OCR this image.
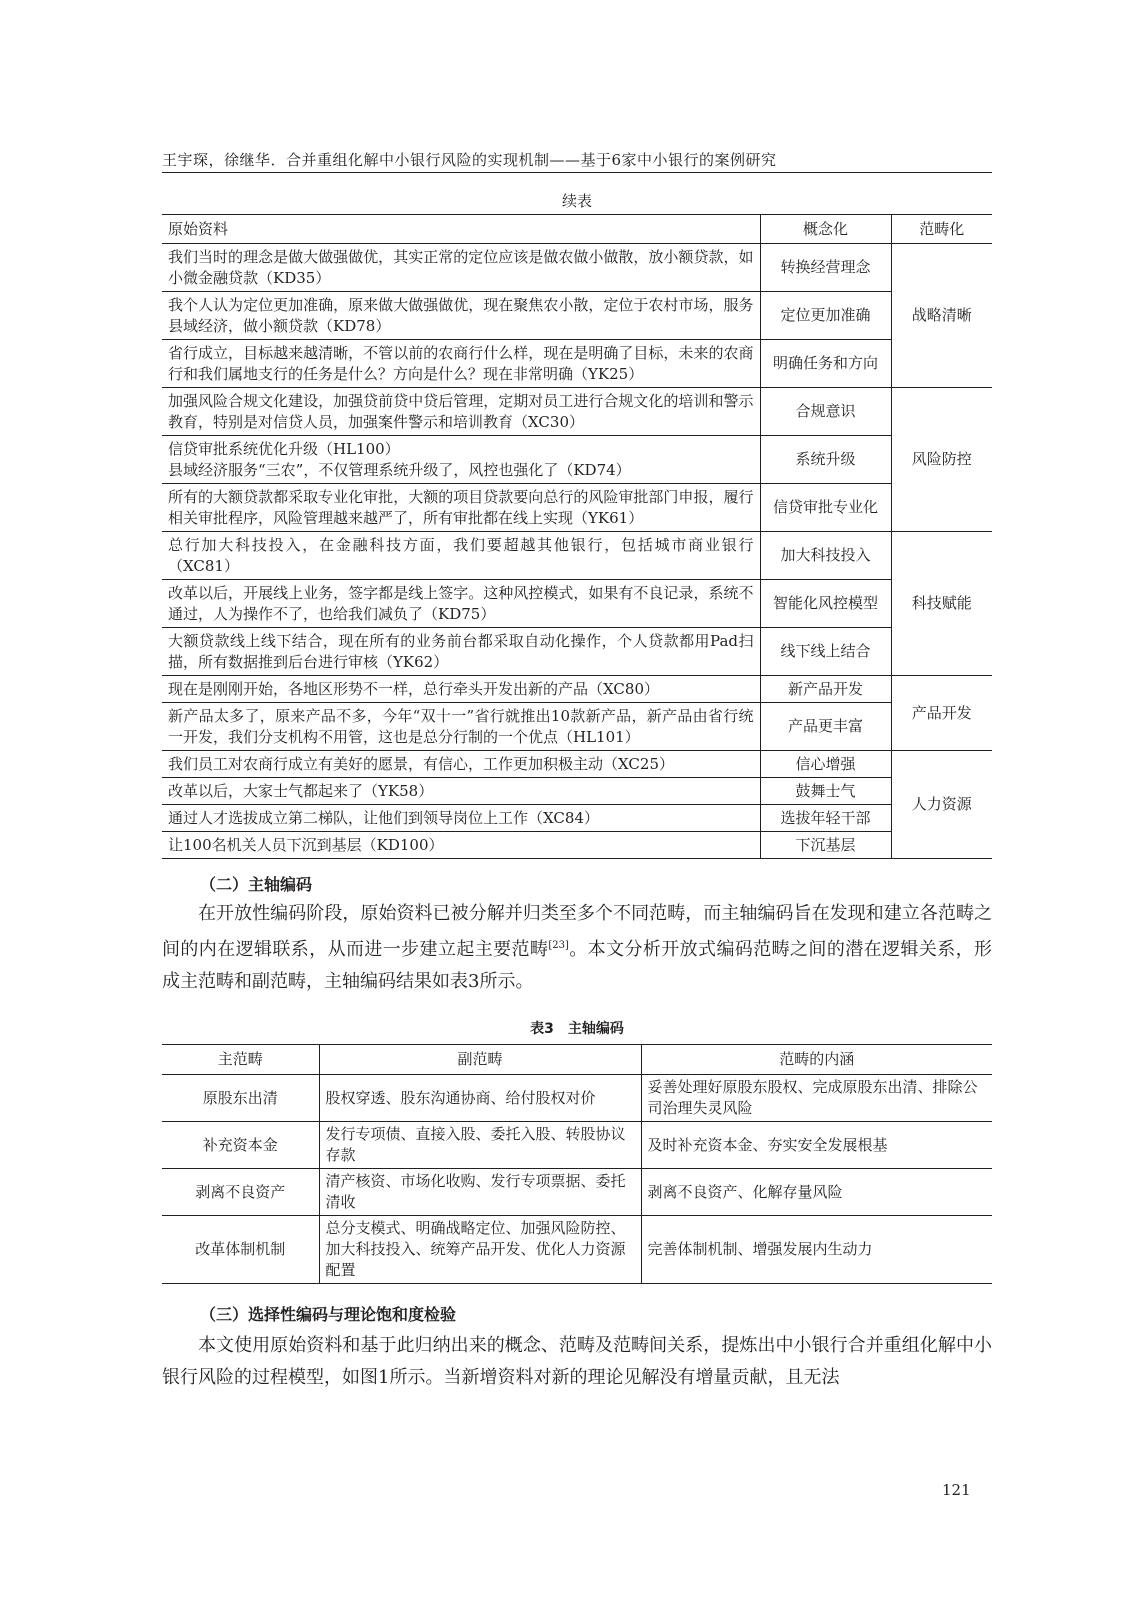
王宇琛，徐继华．合并重组化解中小银行风险的实现机制——基于6家中小银行的案例研究
续表
原始资料	概念化	范畴化
我们当时的理念是做大做强做优，其实正常的定位应该是做农做小做散，放小额贷款，如小微金融贷款（KD35）	转换经营理念	战略清晰
我个人认为定位更加准确，原来做大做强做优，现在聚焦农小散，定位于农村市场，服务县域经济，做小额贷款（KD78）	定位更加准确	
省行成立，目标越来越清晰，不管以前的农商行什么样，现在是明确了目标，未来的农商行和我们属地支行的任务是什么？方向是什么？现在非常明确（YK25）	明确任务和方向	
加强风险合规文化建设，加强贷前贷中贷后管理，定期对员工进行合规文化的培训和警示教育，特别是对信贷人员，加强案件警示和培训教育（XC30）	合规意识	风险防控

信贷审批系统优化升级（HL100）
县域经济服务“三农”，不仅管理系统升级了，风控也强化了（KD74）	系统升级	
所有的大额贷款都采取专业化审批，大额的项目贷款要向总行的风险审批部门申报，履行相关审批程序，风险管理越来越严了，所有审批都在线上实现（YK61）	信贷审批专业化	
总行加大科技投入，在金融科技方面，我们要超越其他银行，包括城市商业银行（XC81）	加大科技投入	科技赋能
改革以后，开展线上业务，签字都是线上签字。这种风控模式，如果有不良记录，系统不通过，人为操作不了，也给我们减负了（KD75）	智能化风控模型	
大额贷款线上线下结合，现在所有的业务前台都采取自动化操作，个人贷款都用Pad扫描，所有数据推到后台进行审核（YK62）	线下线上结合	
现在是刚刚开始，各地区形势不一样，总行牵头开发出新的产品（XC80）	新产品开发	产品开发
新产品太多了，原来产品不多，今年“双十一”省行就推出10款新产品，新产品由省行统一开发，我们分支机构不用管，这也是总分行制的一个优点（HL101）	产品更丰富	
我们员工对农商行成立有美好的愿景，有信心，工作更加积极主动（XC25）	信心增强	人力资源
改革以后，大家士气都起来了（YK58）	鼓舞士气	
通过人才选拔成立第二梯队，让他们到领导岗位上工作（XC84）	选拔年轻干部	
让100名机关人员下沉到基层（KD100）	下沉基层	
（二）主轴编码

在开放性编码阶段，原始资料已被分解并归类至多个不同范畴，而主轴编码旨在发现和建立各范畴之间的内在逻辑联系，从而进一步建立起主要范畴[23]。本文分析开放式编码范畴之间的潜在逻辑关系，形成主范畴和副范畴，主轴编码结果如表3所示。

表3　主轴编码
主范畴	副范畴	范畴的内涵
原股东出清	股权穿透、股东沟通协商、给付股权对价	妥善处理好原股东股权、完成原股东出清、排除公司治理失灵风险
补充资本金	发行专项债、直接入股、委托入股、转股协议存款	及时补充资本金、夯实安全发展根基
剥离不良资产	清产核资、市场化收购、发行专项票据、委托清收	剥离不良资产、化解存量风险
改革体制机制	总分支模式、明确战略定位、加强风险防控、加大科技投入、统筹产品开发、优化人力资源配置	完善体制机制、增强发展内生动力
（三）选择性编码与理论饱和度检验

本文使用原始资料和基于此归纳出来的概念、范畴及范畴间关系，提炼出中小银行合并重组化解中小银行风险的过程模型，如图1所示。当新增资料对新的理论见解没有增量贡献，且无法

121
